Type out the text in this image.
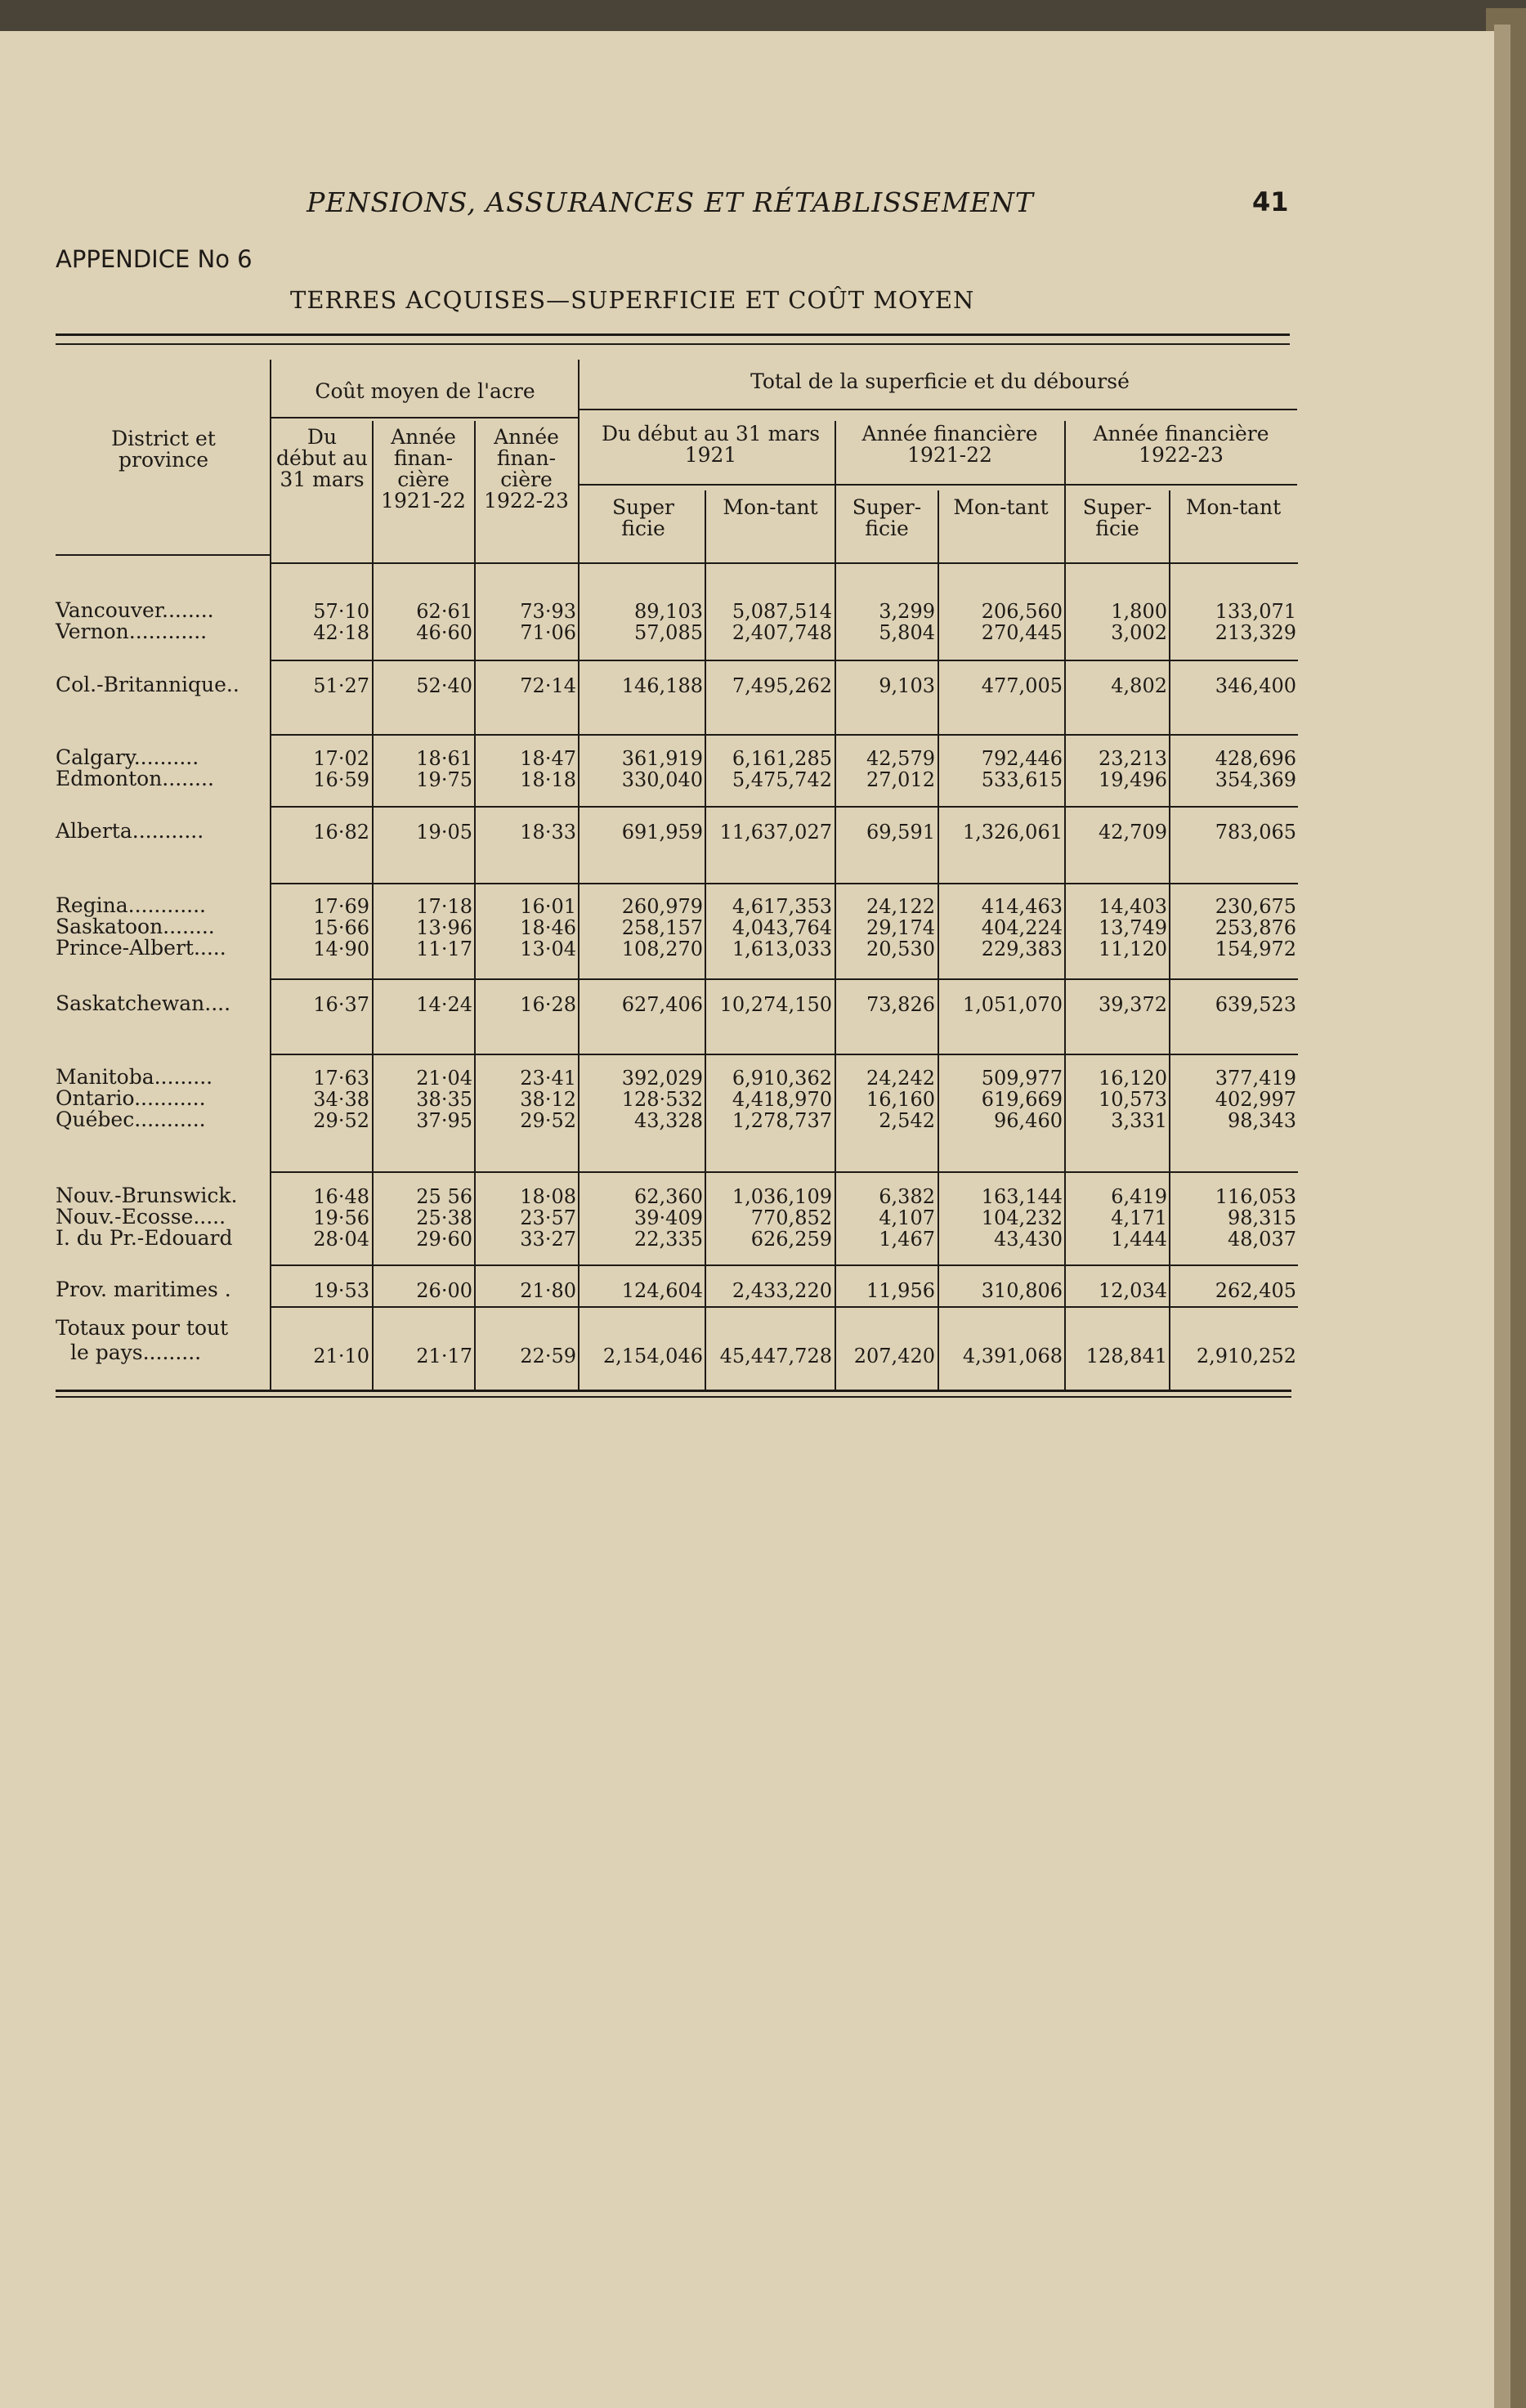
PENSIONS, ASSURANCES ET RÉTABLISSEMENT	41
APPENDICE No 6
TERRES ACQUISES—SUPERFICIE ET COÛT MOYEN
District et province
Coût moyen de l'acre	Total de la superficie et du déboursé
Du début au 31 mars
Année finan-cière 1921-22
Année finan-cière 1922-23
Du début au 31 mars 1921
Année financière 1921-22
Année financière 1922-23
Super ficie
Mon-tant	Super-ficie
Mon-tant	Super-ficie
Mon-tant
Vancouver........	57·10	62·61	73·93	89,103	5,087,514	3,299	206,560	1,800	133,071
Vernon............	42·18	46·60	71·06	57,085	2,407,748	5,804	270,445	3,002	213,329
Col.-Britannique..	51·27	52·40	72·14	146,188	7,495,262	9,103	477,005	4,802	346,400
Calgary..........	17·02	18·61	18·47	361,919	6,161,285	42,579	792,446	23,213	428,696
Edmonton........	16·59	19·75	18·18	330,040	5,475,742	27,012	533,615	19,496	354,369
Alberta...........	16·82	19·05	18·33	691,959 11,637,027	69,591	1,326,061	42,709	783,065
Regina............	17·69	17·18	16·01	260,979	4,617,353	24,122	414,463	14,403	230,675
Saskatoon........	15·66	13·96	18·46	258,157	4,043,764	29,174	404,224	13,749	253,876
Prince-Albert.....	14·90	11·17	13·04	108,270	1,613,033	20,530	229,383	11,120	154,972
Saskatchewan....	16·37	14·24	16·28	627,406 10,274,150	73,826	1,051,070	39,372	639,523
Manitoba.........	17·63	21·04	23·41	392,029	6,910,362	24,242	509,977	16,120	377,419
Ontario...........	34·38	38·35	38·12	128·532	4,418,970	16,160	619,669	10,573	402,997
Québec...........	29·52	37·95	29·52	43,328	1,278,737	2,542	96,460	3,331	98,343
Nouv.-Brunswick.	16·48	25 56	18·08	62,360	1,036,109	6,382	163,144	6,419	116,053
Nouv.-Ecosse.....	19·56	25·38	23·57	39·409	770,852	4,107	104,232	4,171	98,315
I. du Pr.-Edouard	28·04	29·60	33·27	22,335	626,259	1,467	43,430	1,444	48,037
Prov. maritimes .	19·53	26·00	21·80	124,604	2,433,220	11,956	310,806	12,034	262,405
Totaux pour tout
le pays.........	21·10	21·17	22·59	2,154,046 45,447,728	207,420	4,391,068	128,841	2,910,252
